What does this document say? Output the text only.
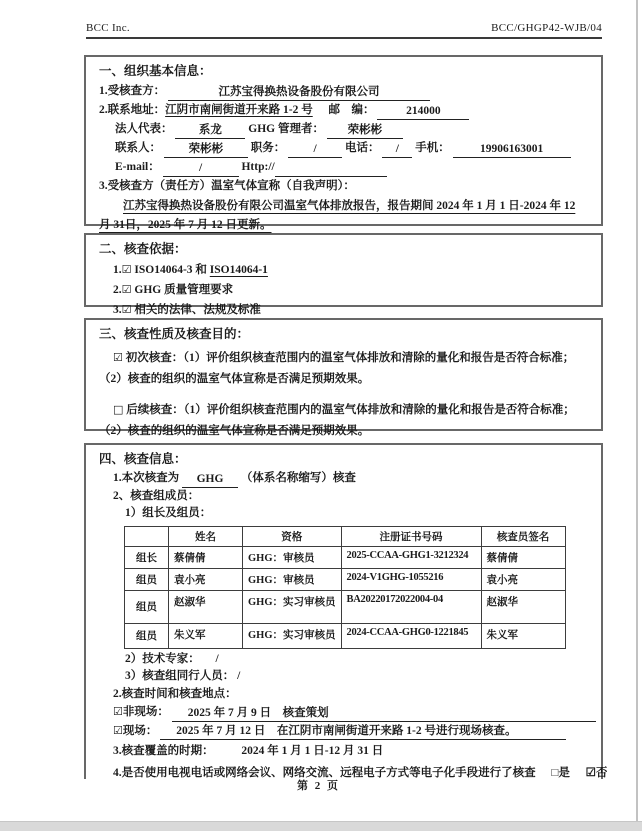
BCC Inc.	BCC/GHGP42-WJB/04
一、组织基本信息：
1.受核查方：	江苏宝得换热设备股份有限公司
2.联系地址：江阴市南闸街道开来路 1-2 号 邮　编：	214000
法人代表： 系龙 GHG 管理者： 荣彬彬
联系人： 荣彬彬 职务： / 电话： / 手机：	19906163001
E-mail：	/	Http://
3.受核查方（责任方）温室气体宣称（自我声明）：
江苏宝得换热设备股份有限公司温室气体排放报告，报告期间 2024 年 1 月 1 日-2024 年 12 月 31日，2025 年 7 月 12 日更新。
二、核查依据：
1.☑ ISO14064-3 和 ISO14064-1
2.☑ GHG 质量管理要求
3.☑ 相关的法律、法规及标准
三、核查性质及核查目的：
☑ 初次核查：（1）评价组织核查范围内的温室气体排放和清除的量化和报告是否符合标准；（2）核查的组织的温室气体宣称是否满足预期效果。
□ 后续核查：（1）评价组织核查范围内的温室气体排放和清除的量化和报告是否符合标准；（2）核查的组织的温室气体宣称是否满足预期效果。
四、核查信息：
1.本次核查为 GHG （体系名称缩写）核查
2、核查组成员：
1）组长及组员：
	姓名	资格	注册证书号码	核查员签名
组长	蔡倩倩	GHG：审核员	2025-CCAA-GHG1-3212324	蔡倩倩
组员	袁小亮	GHG：审核员	2024-V1GHG-1055216	袁小亮
组员	赵淑华	GHG：实习审核员	BA20220172022004-04	赵淑华
组员	朱义军	GHG：实习审核员	2024-CCAA-GHG0-1221845	朱义军
2）技术专家： /
3）核查组同行人员： /
2.核查时间和核查地点：
☑非现场： 2025 年 7 月 9 日　核查策划
☑现场： 2025 年 7 月 12 日　在江阴市南闸街道开来路 1-2 号进行现场核查。
3.核查覆盖的时期： 2024 年 1 月 1 日-12 月 31 日
4.是否使用电视电话或网络会议、网络交流、远程电子方式等电子化手段进行了核查 □是 ☑否
第 2 页
